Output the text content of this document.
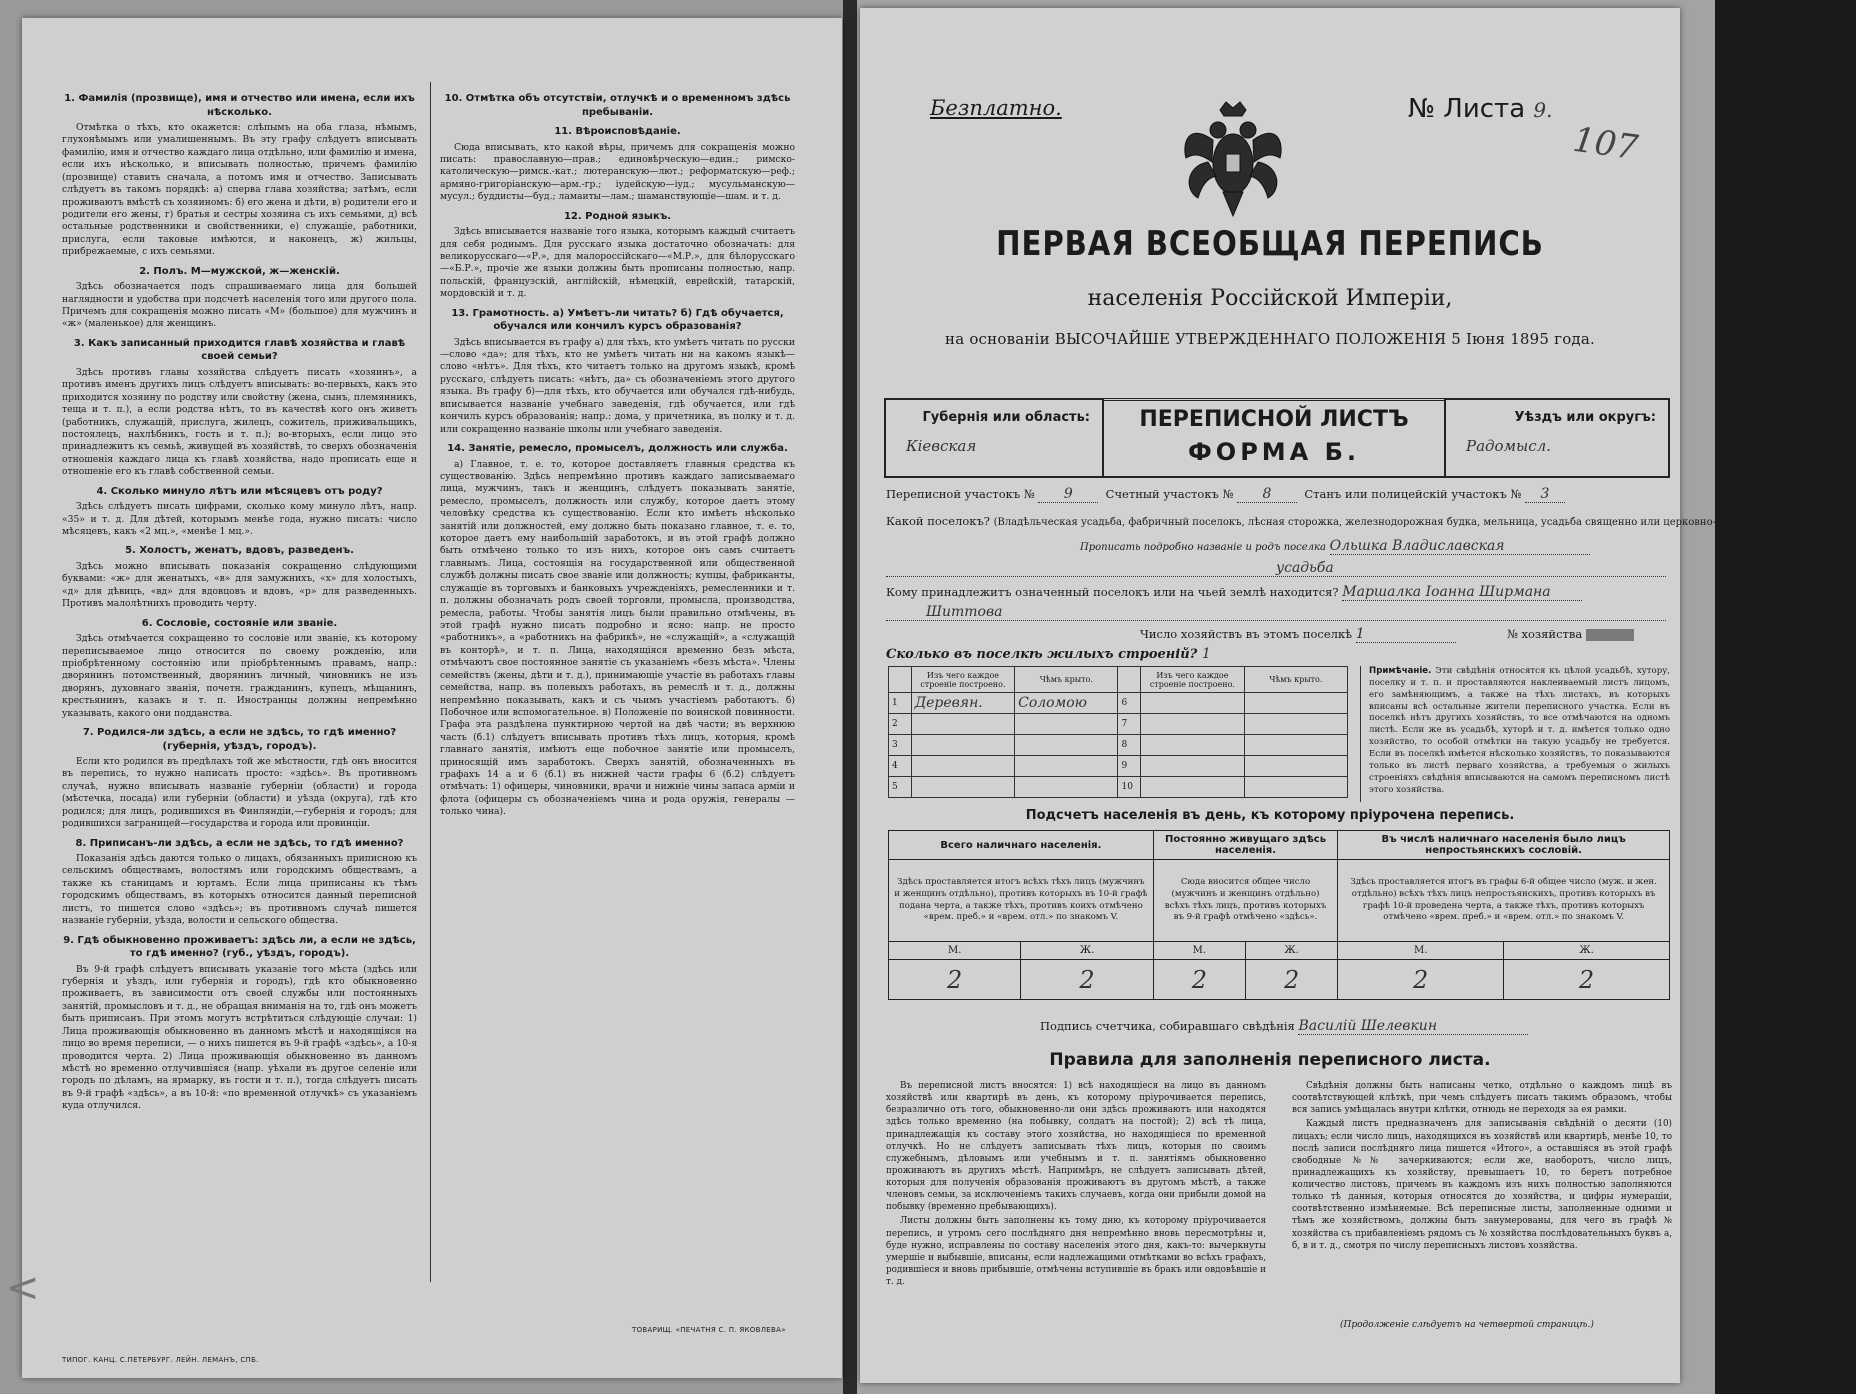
1. Фамилія (прозвище), имя и отчество или имена, если ихъ нѣсколько.

Отмѣтка о тѣхъ, кто окажется: слѣпымъ на оба глаза, нѣмымъ, глухонѣмымъ или умалишеннымъ. Въ эту графу слѣдуетъ вписывать фамилію, имя и отчество каждаго лица отдѣльно, или фамилію и имена, если ихъ нѣсколько, и вписывать полностью, причемъ фамилію (прозвище) ставить сначала, а потомъ имя и отчество. Записывать слѣдуетъ въ такомъ порядкѣ: а) сперва глава хозяйства; затѣмъ, если проживаютъ вмѣстѣ съ хозяиномъ: б) его жена и дѣти, в) родители его и родители его жены, г) братья и сестры хозяина съ ихъ семьями, д) всѣ остальные родственники и свойственники, е) служащіе, работники, прислуга, если таковые имѣются, и наконецъ, ж) жильцы, прибрежаемые, с ихъ семьями.

2. Полъ. М—мужской, ж—женскій.

Здѣсь обозначается подъ спрашиваемаго лица для большей наглядности и удобства при подсчетѣ населенія того или другого пола. Причемъ для сокращенія можно писать «М» (большое) для мужчинъ и «ж» (маленькое) для женщинъ.

3. Какъ записанный приходится главѣ хозяйства и главѣ своей семьи?

Здѣсь противъ главы хозяйства слѣдуетъ писать «хозяинъ», а противъ именъ другихъ лицъ слѣдуетъ вписывать: во-первыхъ, какъ это приходится хозяину по родству или свойству (жена, сынъ, племянникъ, теща и т. п.), а если родства нѣтъ, то въ качествѣ кого онъ живетъ (работникъ, служащій, прислуга, жилецъ, сожитель, приживальщикъ, постоялецъ, нахлѣбникъ, гость и т. п.); во-вторыхъ, если лицо это принадлежитъ къ семьѣ, живущей въ хозяйствѣ, то сверхъ обозначенія отношенія каждаго лица къ главѣ хозяйства, надо прописать еще и отношеніе его къ главѣ собственной семьи.

4. Сколько минуло лѣтъ или мѣсяцевъ отъ роду?

Здѣсь слѣдуетъ писать цифрами, сколько кому минуло лѣтъ, напр. «35» и т. д. Для дѣтей, которымъ менѣе года, нужно писать: число мѣсяцевъ, какъ «2 мц.», «менѣе 1 мц.».

5. Холостъ, женатъ, вдовъ, разведенъ.

Здѣсь можно вписывать показанія сокращенно слѣдующими буквами: «ж» для женатыхъ, «в» для замужнихъ, «х» для холостыхъ, «д» для дѣвицъ, «вд» для вдовцовъ и вдовъ, «р» для разведенныхъ. Противъ малолѣтнихъ проводить черту.

6. Сословіе, состояніе или званіе.

Здѣсь отмѣчается сокращенно то сословіе или званіе, къ которому переписываемое лицо относится по своему рожденію, или пріобрѣтенному состоянію или пріобрѣтеннымъ правамъ, напр.: дворянинъ потомственный, дворянинъ личный, чиновникъ не изъ дворянъ, духовнаго званія, почетн. гражданинъ, купецъ, мѣщанинъ, крестьянинъ, казакъ и т. п. Иностранцы должны непремѣнно указывать, какого они подданства.

7. Родился-ли здѣсь, а если не здѣсь, то гдѣ именно? (губернія, уѣздъ, городъ).

Если кто родился въ предѣлахъ той же мѣстности, гдѣ онъ вносится въ перепись, то нужно написать просто: «здѣсь». Въ противномъ случаѣ, нужно вписывать названіе губерніи (области) и города (мѣстечка, посада) или губерніи (области) и уѣзда (округа), гдѣ кто родился; для лицъ, родившихся въ Финляндіи,—губернія и городъ; для родившихся заграницей—государства и города или провинціи.

8. Приписанъ-ли здѣсь, а если не здѣсь, то гдѣ именно?

Показанія здѣсь даются только о лицахъ, обязанныхъ приписною къ сельскимъ обществамъ, волостямъ или городскимъ обществамъ, а также къ станицамъ и юртамъ. Если лица приписаны къ тѣмъ городскимъ обществамъ, въ которыхъ относится данный переписной листъ, то пишется слово «здѣсь»; въ противномъ случаѣ пишется названіе губерніи, уѣзда, волости и сельского общества.

9. Гдѣ обыкновенно проживаетъ: здѣсь ли, а если не здѣсь, то гдѣ именно? (губ., уѣздъ, городъ).

Въ 9-й графѣ слѣдуетъ вписывать указаніе того мѣста (здѣсь или губернія и уѣздъ, или губернія и городъ), гдѣ кто обыкновенно проживаетъ, въ зависимости отъ своей службы или постоянныхъ занятій, промысловъ и т. д., не обращая вниманія на то, гдѣ онъ можетъ быть приписанъ. При этомъ могутъ встрѣтиться слѣдующіе случаи: 1) Лица проживающія обыкновенно въ данномъ мѣстѣ и находящіяся на лицо во время переписи, — о нихъ пишется въ 9-й графѣ «здѣсь», а 10-я проводится черта. 2) Лица проживающія обыкновенно въ данномъ мѣстѣ но временно отлучившіяся (напр. уѣхали въ другое селеніе или городъ по дѣламъ, на ярмарку, въ гости и т. п.), тогда слѣдуетъ писать въ 9-й графѣ «здѣсь», а въ 10-й: «по временной отлучкѣ» съ указаніемъ куда отлучился.

10. Отмѣтка объ отсутствіи, отлучкѣ и о временномъ здѣсь пребываніи.
11. Вѣроисповѣданіе.

Сюда вписывать, кто какой вѣры, причемъ для сокращенія можно писать: православную—прав.; единовѣрческую—един.; римско-католическую—римск.-кат.; лютеранскую—лют.; реформатскую—реф.; армяно-григоріанскую—арм.-гр.; іудейскую—іуд.; мусульманскую—мусул.; буддисты—буд.; ламаиты—лам.; шаманствующіе—шам. и т. д.

12. Родной языкъ.

Здѣсь вписывается названіе того языка, которымъ каждый считаетъ для себя роднымъ. Для русскаго языка достаточно обозначать: для великорусскаго—«Р.», для малороссійскаго—«М.Р.», для бѣлорусскаго—«Б.Р.», прочіе же языки должны быть прописаны полностью, напр. польскій, французскій, англійскій, нѣмецкій, еврейскій, татарскій, мордовскій и т. д.

13. Грамотность. а) Умѣетъ-ли читать? б) Гдѣ обучается, обучался или кончилъ курсъ образованія?

Здѣсь вписывается въ графу а) для тѣхъ, кто умѣетъ читать по русски—слово «да»; для тѣхъ, кто не умѣетъ читать ни на какомъ языкѣ—слово «нѣтъ». Для тѣхъ, кто читаетъ только на другомъ языкѣ, кромѣ русскаго, слѣдуетъ писать: «нѣтъ, да» съ обозначеніемъ этого другого языка. Въ графу б)—для тѣхъ, кто обучается или обучался гдѣ-нибудь, вписывается названіе учебнаго заведенія, гдѣ обучается, или гдѣ кончилъ курсъ образованія; напр.: дома, у причетника, въ полку и т. д. или сокращенно названіе школы или учебнаго заведенія.

14. Занятіе, ремесло, промыселъ, должность или служба.

а) Главное, т. е. то, которое доставляетъ главныя средства къ существованію. Здѣсь непремѣнно противъ каждаго записываемаго лица, мужчинъ, такъ и женщинъ, слѣдуетъ показывать занятіе, ремесло, промыселъ, должность или службу, которое даетъ этому человѣку средства къ существованію. Если кто имѣетъ нѣсколько занятій или должностей, ему должно быть показано главное, т. е. то, которое даетъ ему наибольшій заработокъ, и въ этой графѣ должно быть отмѣчено только то изъ нихъ, которое онъ самъ считаетъ главнымъ. Лица, состоящія на государственной или общественной службѣ должны писать свое званіе или должность; купцы, фабриканты, служащіе въ торговыхъ и банковыхъ учрежденіяхъ, ремесленники и т. п. должны обозначать родъ своей торговли, промысла, производства, ремесла, работы. Чтобы занятія лицъ были правильно отмѣчены, въ этой графѣ нужно писать подробно и ясно: напр. не просто «работникъ», а «работникъ на фабрикѣ», не «служащій», а «служащій въ конторѣ», и т. п. Лица, находящіяся временно безъ мѣста, отмѣчаютъ свое постоянное занятіе съ указаніемъ «безъ мѣста». Члены семействъ (жены, дѣти и т. д.), принимающіе участіе въ работахъ главы семейства, напр. въ полевыхъ работахъ, въ ремеслѣ и т. д., должны непремѣнно показывать, какъ и съ чьимъ участіемъ работаютъ. б) Побочное или вспомогательное. в) Положеніе по воинской повинности. Графа эта раздѣлена пунктирною чертой на двѣ части; въ верхнюю часть (б.1) слѣдуетъ вписывать противъ тѣхъ лицъ, которыя, кромѣ главнаго занятія, имѣютъ еще побочное занятіе или промыселъ, приносящій имъ заработокъ. Сверхъ занятій, обозначенныхъ въ графахъ 14 а и 6 (б.1) въ нижней части графы 6 (б.2) слѣдуетъ отмѣчать: 1) офицеры, чиновники, врачи и нижніе чины запаса арміи и флота (офицеры съ обозначеніемъ чина и рода оружія, генералы — только чина).

ТИПОГ. КАНЦ. С.ПЕТЕРБУРГ. ЛЕЙН. ЛЕМАНЪ, СПБ.
ТОВАРИЩ. «ПЕЧАТНЯ С. П. ЯКОВЛЕВА»
<
Безплатно.	№ Листа 9.
107
ПЕРВАЯ ВСЕОБЩАЯ ПЕРЕПИСЬ
населенія Россійской Имперіи,
на основаніи ВЫСОЧАЙШЕ УТВЕРЖДЕННАГО ПОЛОЖЕНІЯ 5 Іюня 1895 года.
Губернія или область:
Кіевская
ПЕРЕПИСНОЙ ЛИСТЪ
ФОРМА Б.
Уѣздъ или округъ:
Радомысл.
Переписной участокъ № 9	Счетный участокъ № 8	Станъ или полицейскій участокъ № 3
Какой поселокъ? (Владѣльческая усадьба, фабричный поселокъ, лѣсная сторожка, железнодорожная будка, мельница, усадьба священно или церковно-служителя, школа, и т. п.)
Прописать подробно названіе и родъ поселка Ольшка Владиславская
усадьба
Кому принадлежитъ означенный поселокъ или на чьей землѣ находится? Маршалка Іоанна Ширмана
Шиттова
Число хозяйствъ въ этомъ поселкѣ 1	№ хозяйства
Сколько въ поселкѣ жилыхъ строеній? 1
	Изъ чего каждое строеніе построено.	Чѣмъ крыто.		Изъ чего каждое строеніе построено.	Чѣмъ крыто.
1	Деревян.	Соломою	6		
2			7		
3			8		
4			9		
5			10		
Примѣчаніе. Эти свѣдѣнія относятся къ цѣлой усадьбѣ, хутору, поселку и т. п. и проставляются наклеиваемый листъ лицомъ, его замѣняющимъ, а также на тѣхъ листахъ, въ которыхъ вписаны всѣ остальные жители переписного участка. Если въ поселкѣ нѣтъ другихъ хозяйствъ, то все отмѣчаются на одномъ листѣ. Если же въ усадьбѣ, хуторѣ и т. д. имѣется только одно хозяйство, то особой отмѣтки на такую усадьбу не требуется. Если въ поселкѣ имѣется нѣсколько хозяйствъ, то показываются только въ листѣ перваго хозяйства, а требуемыя о жилыхъ строеніяхъ свѣдѣнія вписываются на самомъ переписномъ листѣ этого хозяйства.
Подсчетъ населенія въ день, къ которому пріурочена перепись.
Всего наличнаго населенія.		Постоянно живущаго здѣсь населенія.		Въ числѣ наличнаго населенія было лицъ непростьянскихъ сословій.	
Здѣсь проставляется итогъ всѣхъ тѣхъ лицъ (мужчинъ и женщинъ отдѣльно), противъ которыхъ въ 10-й графѣ подана черта, а также тѣхъ, противъ коихъ отмѣчено «врем. преб.» и «врем. отл.» по знакомъ V.		Сюда вносится общее число (мужчинъ и женщинъ отдѣльно) всѣхъ тѣхъ лицъ, противъ которыхъ въ 9-й графѣ отмѣчено «здѣсь».		Здѣсь проставляется итогъ въ графы 6-й общее число (муж. и жен. отдѣльно) всѣхъ тѣхъ лицъ непростьянскихъ, противъ которыхъ въ графѣ 10-й проведена черта, а также тѣхъ, противъ которыхъ отмѣчено «врем. преб.» и «врем. отл.» по знакомъ V.	
М.	Ж.	М.	Ж.	М.	Ж.
2	2	2	2	2	2
Подпись счетчика, собиравшаго свѣдѣнія Василій Шелевкин
Правила для заполненія переписного листа.

Въ переписной листъ вносятся: 1) всѣ находящіеся на лицо въ данномъ хозяйствѣ или квартирѣ въ день, къ которому пріурочивается перепись, безразлично отъ того, обыкновенно-ли они здѣсь проживаютъ или находятся здѣсь только временно (на побывку, солдатъ на постой); 2) всѣ тѣ лица, принадлежащія къ составу этого хозяйства, но находящіеся по временной отлучкѣ. Но не слѣдуетъ записывать тѣхъ лицъ, которыя по своимъ служебнымъ, дѣловымъ или учебнымъ и т. п. занятіямъ обыкновенно проживаютъ въ другихъ мѣстѣ. Напримѣръ, не слѣдуетъ записывать дѣтей, которыя для полученія образованія проживаютъ въ другомъ мѣстѣ, а также членовъ семьи, за исключеніемъ такихъ случаевъ, когда они прибыли домой на побывку (временно пребывающихъ).

Листы должны быть заполнены къ тому дню, къ которому пріурочивается перепись, и утромъ сего послѣдняго дня непремѣнно вновь пересмотрѣны и, буде нужно, исправлены по составу населенія этого дня, какъ-то: вычеркнуты умершіе и выбывшіе, вписаны, если надлежащими отмѣтками во всѣхъ графахъ, родившіеся и вновь прибывшіе, отмѣчены вступившіе въ бракъ или овдовѣвшіе и т. д.

Свѣдѣнія должны быть написаны четко, отдѣльно о каждомъ лицѣ въ соотвѣтствующей клѣткѣ, при чемъ слѣдуетъ писать такимъ образомъ, чтобы вся запись умѣщалась внутри клѣтки, отнюдь не переходя за ея рамки.

Каждый листъ предназначенъ для записыванія свѣдѣній о десяти (10) лицахъ; если число лицъ, находящихся въ хозяйствѣ или квартирѣ, менѣе 10, то послѣ записи послѣдняго лица пишется «Итого», а оставшіяся въ этой графѣ свободные №№ зачеркиваются; если же, наоборотъ, число лицъ, принадлежащихъ къ хозяйству, превышаетъ 10, то беретъ потребное количество листовъ, причемъ въ каждомъ изъ нихъ полностью заполняются только тѣ данныя, которыя относятся до хозяйства, и цифры нумераціи, соотвѣтственно измѣняемые. Всѣ переписные листы, заполненные одними и тѣмъ же хозяйствомъ, должны быть занумерованы, для чего въ графѣ № хозяйства съ прибавленіемъ рядомъ съ № хозяйства послѣдовательныхъ буквъ а, б, в и т. д., смотря по числу переписныхъ листовъ хозяйства.

(Продолженіе слѣдуетъ на четвертой страницѣ.)
